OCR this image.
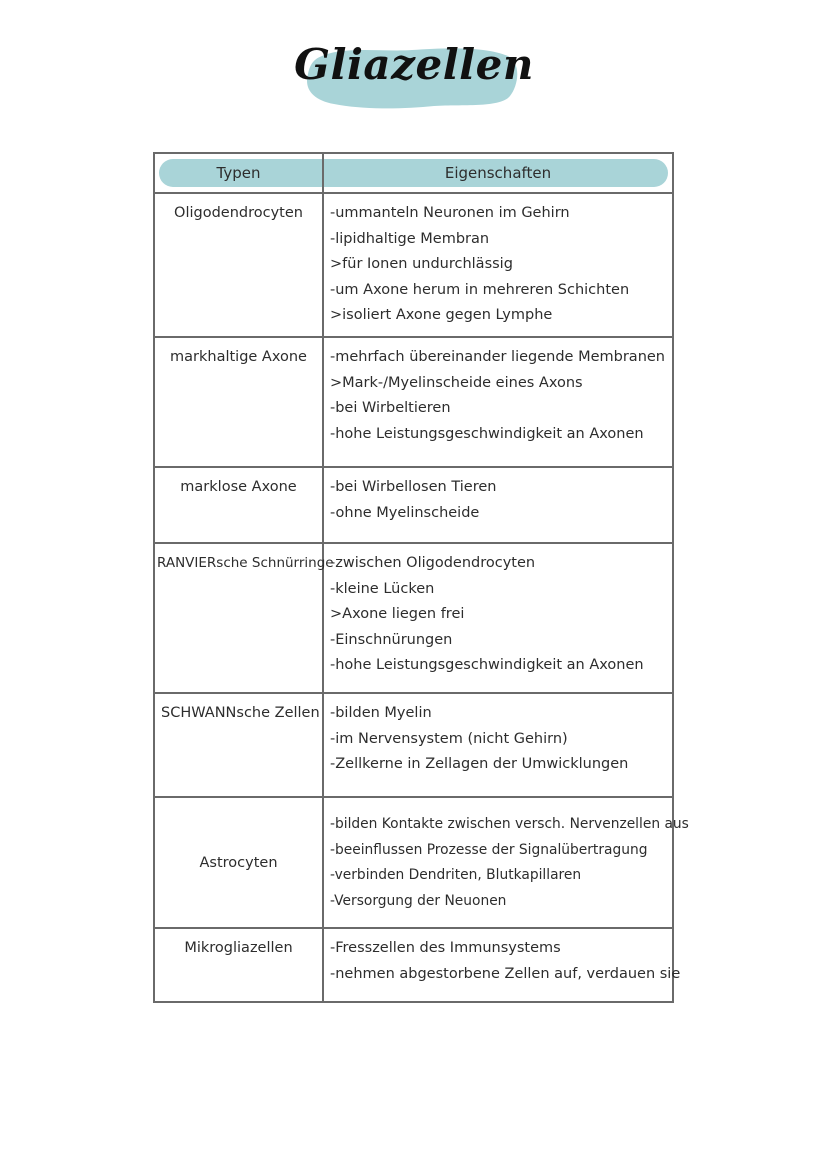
Gliazellen
Typen	Eigenschaften

Oligodendrocyten	-ummanteln Neuronen im Gehirn
-lipidhaltige Membran
>für Ionen undurchlässig
-um Axone herum in mehreren Schichten
>isoliert Axone gegen Lymphe

markhaltige Axone	-mehrfach übereinander liegende Membranen
>Mark-/Myelinscheide eines Axons
-bei Wirbeltieren
-hohe Leistungsgeschwindigkeit an Axonen

marklose Axone	-bei Wirbellosen Tieren
-ohne Myelinscheide

RANVIERsche Schnürringe	-zwischen Oligodendrocyten
-kleine Lücken
>Axone liegen frei
-Einschnürungen
-hohe Leistungsgeschwindigkeit an Axonen

SCHWANNsche Zellen	-bilden Myelin
-im Nervensystem (nicht Gehirn)
-Zellkerne in Zellagen der Umwicklungen

Astrocyten	-bilden Kontakte zwischen versch. Nervenzellen aus
-beeinflussen Prozesse der Signalübertragung
-verbinden Dendriten, Blutkapillaren
-Versorgung der Neuonen

Mikrogliazellen	-Fresszellen des Immunsystems
-nehmen abgestorbene Zellen auf, verdauen sie
